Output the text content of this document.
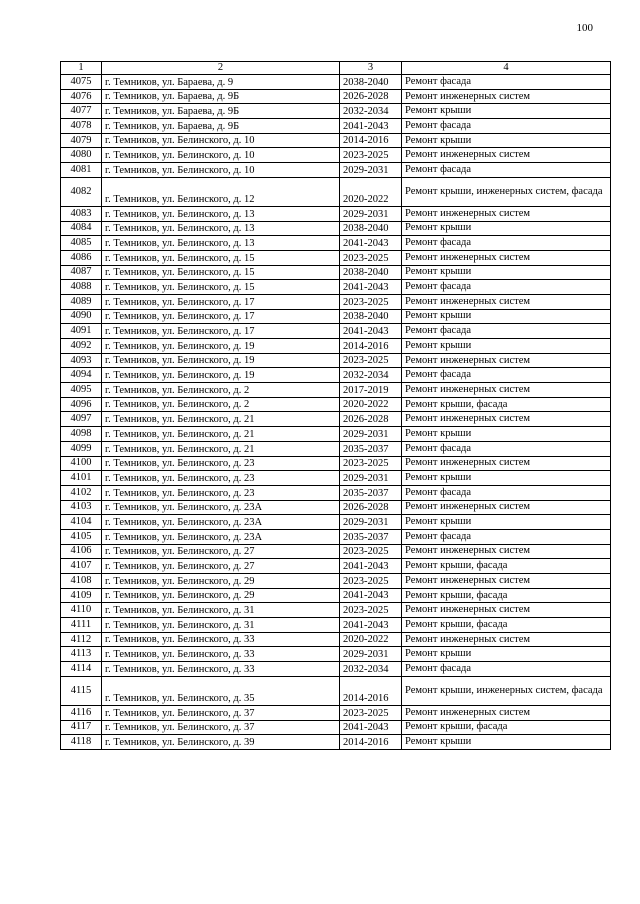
100
1	2	3	4
4075	г. Темников, ул. Бараева, д. 9	2038-2040	Ремонт фасада
4076	г. Темников, ул. Бараева, д. 9Б	2026-2028	Ремонт инженерных систем
4077	г. Темников, ул. Бараева, д. 9Б	2032-2034	Ремонт крыши
4078	г. Темников, ул. Бараева, д. 9Б	2041-2043	Ремонт фасада
4079	г. Темников, ул. Белинского, д. 10	2014-2016	Ремонт крыши
4080	г. Темников, ул. Белинского, д. 10	2023-2025	Ремонт инженерных систем
4081	г. Темников, ул. Белинского, д. 10	2029-2031	Ремонт фасада
4082	г. Темников, ул. Белинского, д. 12	2020-2022	Ремонт крыши, инженерных систем, фасада
4083	г. Темников, ул. Белинского, д. 13	2029-2031	Ремонт инженерных систем
4084	г. Темников, ул. Белинского, д. 13	2038-2040	Ремонт крыши
4085	г. Темников, ул. Белинского, д. 13	2041-2043	Ремонт фасада
4086	г. Темников, ул. Белинского, д. 15	2023-2025	Ремонт инженерных систем
4087	г. Темников, ул. Белинского, д. 15	2038-2040	Ремонт крыши
4088	г. Темников, ул. Белинского, д. 15	2041-2043	Ремонт фасада
4089	г. Темников, ул. Белинского, д. 17	2023-2025	Ремонт инженерных систем
4090	г. Темников, ул. Белинского, д. 17	2038-2040	Ремонт крыши
4091	г. Темников, ул. Белинского, д. 17	2041-2043	Ремонт фасада
4092	г. Темников, ул. Белинского, д. 19	2014-2016	Ремонт крыши
4093	г. Темников, ул. Белинского, д. 19	2023-2025	Ремонт инженерных систем
4094	г. Темников, ул. Белинского, д. 19	2032-2034	Ремонт фасада
4095	г. Темников, ул. Белинского, д. 2	2017-2019	Ремонт инженерных систем
4096	г. Темников, ул. Белинского, д. 2	2020-2022	Ремонт крыши, фасада
4097	г. Темников, ул. Белинского, д. 21	2026-2028	Ремонт инженерных систем
4098	г. Темников, ул. Белинского, д. 21	2029-2031	Ремонт крыши
4099	г. Темников, ул. Белинского, д. 21	2035-2037	Ремонт фасада
4100	г. Темников, ул. Белинского, д. 23	2023-2025	Ремонт инженерных систем
4101	г. Темников, ул. Белинского, д. 23	2029-2031	Ремонт крыши
4102	г. Темников, ул. Белинского, д. 23	2035-2037	Ремонт фасада
4103	г. Темников, ул. Белинского, д. 23А	2026-2028	Ремонт инженерных систем
4104	г. Темников, ул. Белинского, д. 23А	2029-2031	Ремонт крыши
4105	г. Темников, ул. Белинского, д. 23А	2035-2037	Ремонт фасада
4106	г. Темников, ул. Белинского, д. 27	2023-2025	Ремонт инженерных систем
4107	г. Темников, ул. Белинского, д. 27	2041-2043	Ремонт крыши, фасада
4108	г. Темников, ул. Белинского, д. 29	2023-2025	Ремонт инженерных систем
4109	г. Темников, ул. Белинского, д. 29	2041-2043	Ремонт крыши, фасада
4110	г. Темников, ул. Белинского, д. 31	2023-2025	Ремонт инженерных систем
4111	г. Темников, ул. Белинского, д. 31	2041-2043	Ремонт крыши, фасада
4112	г. Темников, ул. Белинского, д. 33	2020-2022	Ремонт инженерных систем
4113	г. Темников, ул. Белинского, д. 33	2029-2031	Ремонт крыши
4114	г. Темников, ул. Белинского, д. 33	2032-2034	Ремонт фасада
4115	г. Темников, ул. Белинского, д. 35	2014-2016	Ремонт крыши, инженерных систем, фасада
4116	г. Темников, ул. Белинского, д. 37	2023-2025	Ремонт инженерных систем
4117	г. Темников, ул. Белинского, д. 37	2041-2043	Ремонт крыши, фасада
4118	г. Темников, ул. Белинского, д. 39	2014-2016	Ремонт крыши
